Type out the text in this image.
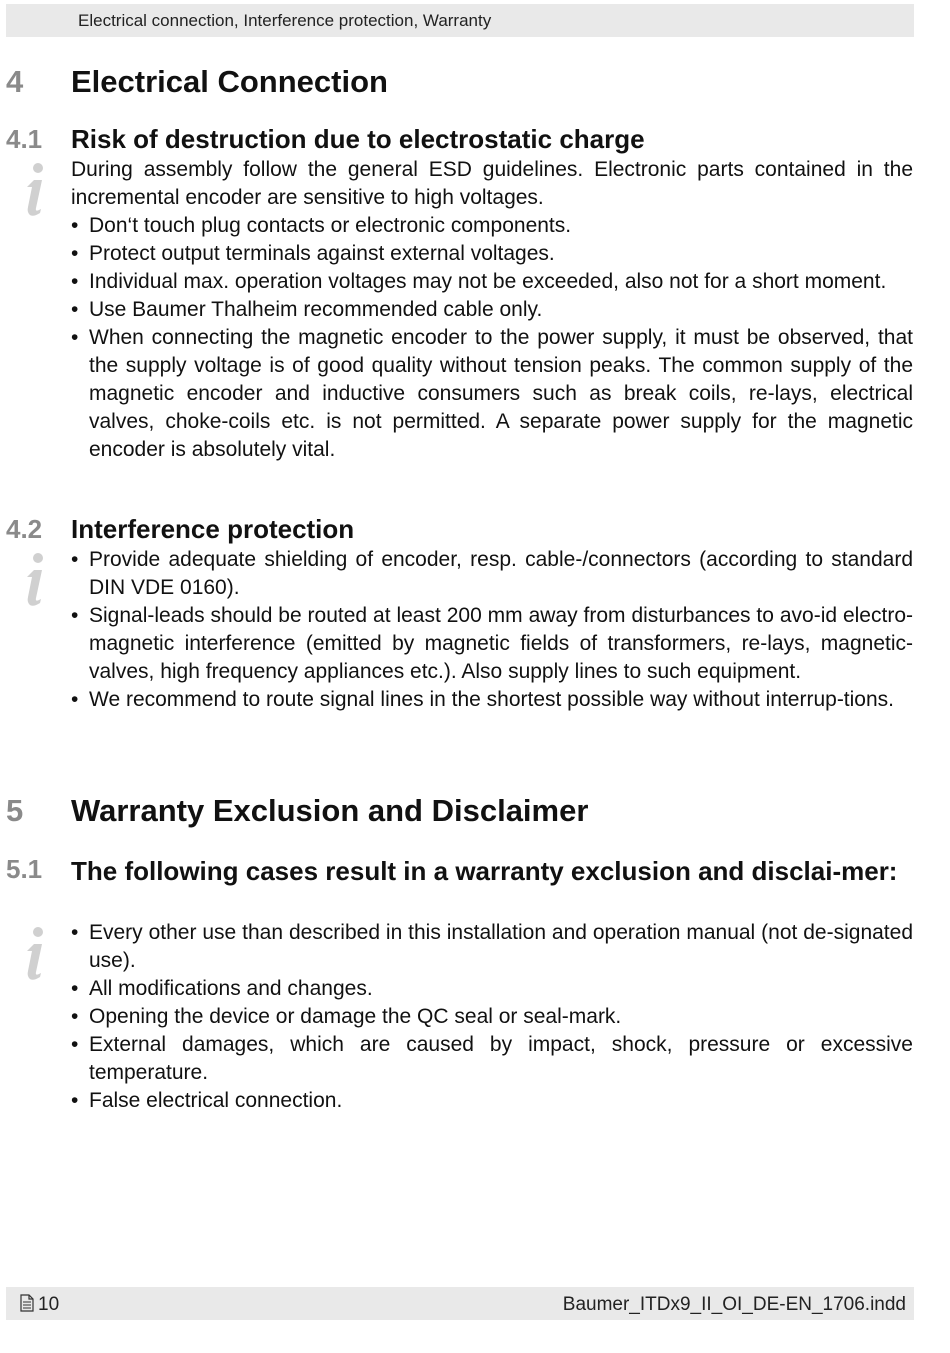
Electrical connection, Interference protection, Warranty
4 Electrical Connection
4.1 Risk of destruction due to electrostatic charge
During assembly follow the general ESD guidelines. Electronic parts contained in the incremental encoder are sensitive to high voltages.
• Don‘t touch plug contacts or electronic components.
• Protect output terminals against external voltages.
• Individual max. operation voltages may not be exceeded, also not for a short moment.
• Use Baumer Thalheim recommended cable only.
• When connecting the magnetic encoder to the power supply, it must be observed, that the supply voltage is of good quality without tension peaks. The common supply of the magnetic encoder and inductive consumers such as break coils, re-lays, electrical valves, choke-coils etc. is not permitted. A separate power supply for the magnetic encoder is absolutely vital.
4.2 Interference protection
• Provide adequate shielding of encoder, resp. cable-/connectors (according to standard DIN VDE 0160).
• Signal-leads should be routed at least 200 mm away from disturbances to avo-id electro-magnetic interference (emitted by magnetic fields of transformers, re-lays, magnetic-valves, high frequency appliances etc.). Also supply lines to such equipment.
• We recommend to route signal lines in the shortest possible way without interrup-tions.
5 Warranty Exclusion and Disclaimer
5.1 The following cases result in a warranty exclusion and disclai-mer:
• Every other use than described in this installation and operation manual (not de-signated use).
• All modifications and changes.
• Opening the device or damage the QC seal or seal-mark.
• External damages, which are caused by impact, shock, pressure or excessive temperature.
• False electrical connection.
10	Baumer_ITDx9_II_OI_DE-EN_1706.indd
